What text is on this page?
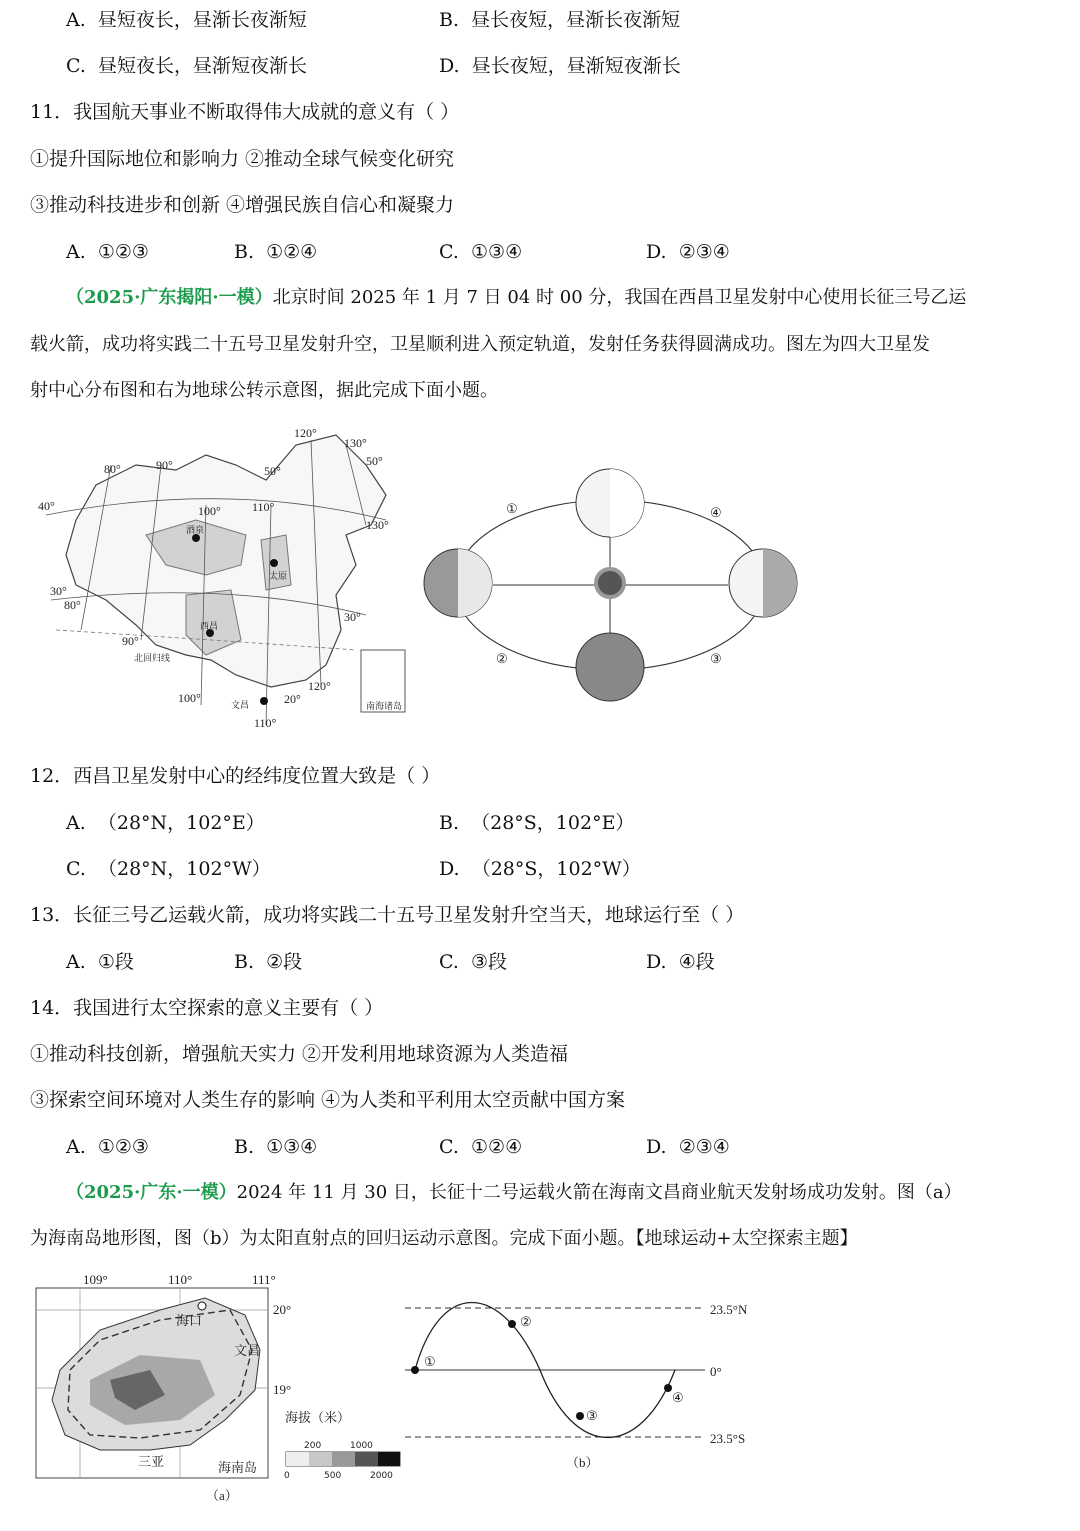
A. 昼短夜长，昼渐长夜渐短	B. 昼长夜短，昼渐长夜渐短
C. 昼短夜长，昼渐短夜渐长	D. 昼长夜短，昼渐短夜渐长
11．我国航天事业不断取得伟大成就的意义有（ ）
①提升国际地位和影响力 ②推动全球气候变化研究
③推动科技进步和创新 ④增强民族自信心和凝聚力
A. ①②③	B. ①②④	C. ①③④	D. ②③④
（2025·广东揭阳·一模）北京时间 2025 年 1 月 7 日 04 时 00 分，我国在西昌卫星发射中心使用长征三号乙运
载火箭，成功将实践二十五号卫星发射升空，卫星顺利进入预定轨道，发射任务获得圆满成功。图左为四大卫星发
射中心分布图和右为地球公转示意图，据此完成下面小题。
120°
130°
80°	90°
100°	110°
130°
80°
90°
100°
110°
120°
50°
50°
40°
30°
30°
20°
酒泉
太原
西昌
文昌
北回归线
南海诸岛
①
②	③
④
12．西昌卫星发射中心的经纬度位置大致是（ ）
A. （28°N，102°E）	B. （28°S，102°E）
C. （28°N，102°W）	D. （28°S，102°W）
13．长征三号乙运载火箭，成功将实践二十五号卫星发射升空当天，地球运行至（ ）
A. ①段	B. ②段	C. ③段	D. ④段
14．我国进行太空探索的意义主要有（ ）
①推动科技创新，增强航天实力 ②开发利用地球资源为人类造福
③探索空间环境对人类生存的影响 ④为人类和平利用太空贡献中国方案
A. ①②③	B. ①③④	C. ①②④	D. ②③④
（2025·广东·一模）2024 年 11 月 30 日，长征十二号运载火箭在海南文昌商业航天发射场成功发射。图（a）
为海南岛地形图，图（b）为太阳直射点的回归运动示意图。完成下面小题。【地球运动+太空探索主题】
109°	110°	111°
20°
19°
海口
文昌
三亚	海南岛
海拔（米）
200	1000
0	500	2000
（a）
23.5°N
0°
23.5°S
①
②
③
④
（b）
